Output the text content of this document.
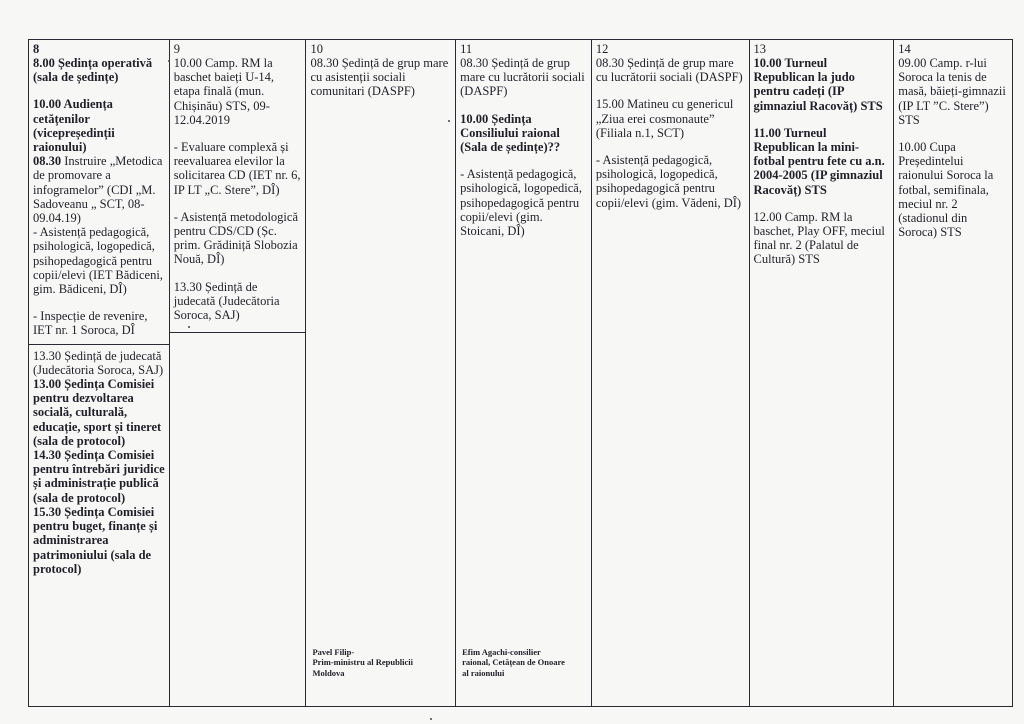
8

8.00 Ședința operativă (sala de ședințe)

10.00 Audiența cetățenilor (vicepreședinții raionului)

08.30 Instruire „Metodica de promovare a infogramelor” (CDI „M. Sadoveanu „ SCT, 08-09.04.19)

- Asistență pedagogică, psihologică, logopedică, psihopedagogică pentru copii/elevi (IET Bădiceni, gim. Bădiceni, DÎ)

- Inspecție de revenire, IET nr. 1 Soroca, DÎ

13.30 Ședință de judecată (Judecătoria Soroca, SAJ)

13.00 Ședința Comisiei pentru dezvoltarea socială, culturală, educație, sport și tineret (sala de protocol)

14.30 Ședința Comisiei pentru întrebări juridice și administrație publică (sala de protocol)

15.30 Ședința Comisiei pentru buget, finanțe și administrarea patrimoniului (sala de protocol)

9

10.00 Camp. RM la baschet baieți U-14, etapa finală (mun. Chișinău) STS, 09-12.04.2019

- Evaluare complexă și reevaluarea elevilor la solicitarea CD (IET nr. 6, IP LT „C. Stere”, DÎ)

- Asistență metodologică pentru CDS/CD (Șc. prim. Grădiniță Slobozia Nouă, DÎ)

13.30 Ședință de judecată (Judecătoria Soroca, SAJ)

10

08.30 Ședință de grup mare cu asistenții sociali comunitari (DASPF)

Pavel Filip-
Prim-ministru al Republicii
Moldova
11

08.30 Ședință de grup mare cu lucrătorii sociali (DASPF)

10.00 Ședința Consiliului raional (Sala de ședințe)??

- Asistență pedagogică, psihologică, logopedică, psihopedagogică pentru copii/elevi (gim. Stoicani, DÎ)

Efim Agachi-consilier
raional, Cetățean de Onoare
al raionului
12

08.30 Ședință de grup mare cu lucrătorii sociali (DASPF)

15.00 Matineu cu genericul „Ziua erei cosmonaute” (Filiala n.1, SCT)

- Asistență pedagogică, psihologică, logopedică, psihopedagogică pentru copii/elevi (gim. Vădeni, DÎ)

13

10.00 Turneul Republican la judo pentru cadeți (IP gimnaziul Racovăț) STS

11.00 Turneul Republican la mini-fotbal pentru fete cu a.n. 2004-2005 (IP gimnaziul Racovăț) STS

12.00 Camp. RM la baschet, Play OFF, meciul final nr. 2 (Palatul de Cultură) STS

14

09.00 Camp. r-lui Soroca la tenis de masă, băieți-gimnazii (IP LT ”C. Stere”) STS

10.00 Cupa Președintelui raionului Soroca la fotbal, semifinala, meciul nr. 2 (stadionul din Soroca) STS
